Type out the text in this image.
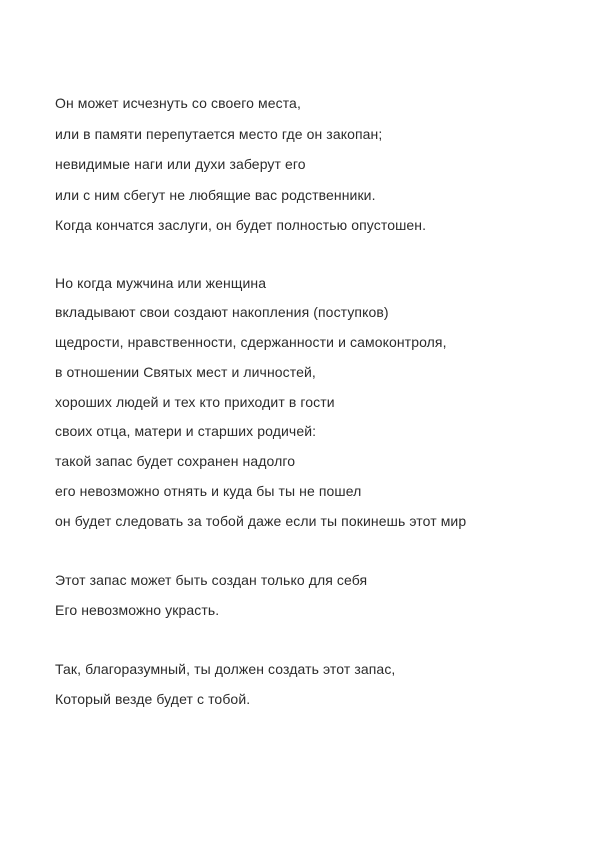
Он может исчезнуть со своего места,
или в памяти перепутается место где он закопан;
невидимые наги или духи заберут его
или с ним сбегут не любящие вас родственники.
Когда кончатся заслуги, он будет полностью опустошен.

Но когда мужчина или женщина
вкладывают свои создают накопления (поступков)
щедрости, нравственности, сдержанности и самоконтроля,
в отношении Святых мест и личностей,
хороших людей и тех кто приходит в гости
своих отца, матери и старших родичей:
такой запас будет сохранен надолго
его невозможно отнять и куда бы ты не пошел
он будет следовать за тобой даже если ты покинешь этот мир

Этот запас может быть создан только для себя
Его невозможно украсть.

Так, благоразумный, ты должен создать этот запас,
Который везде будет с тобой.
